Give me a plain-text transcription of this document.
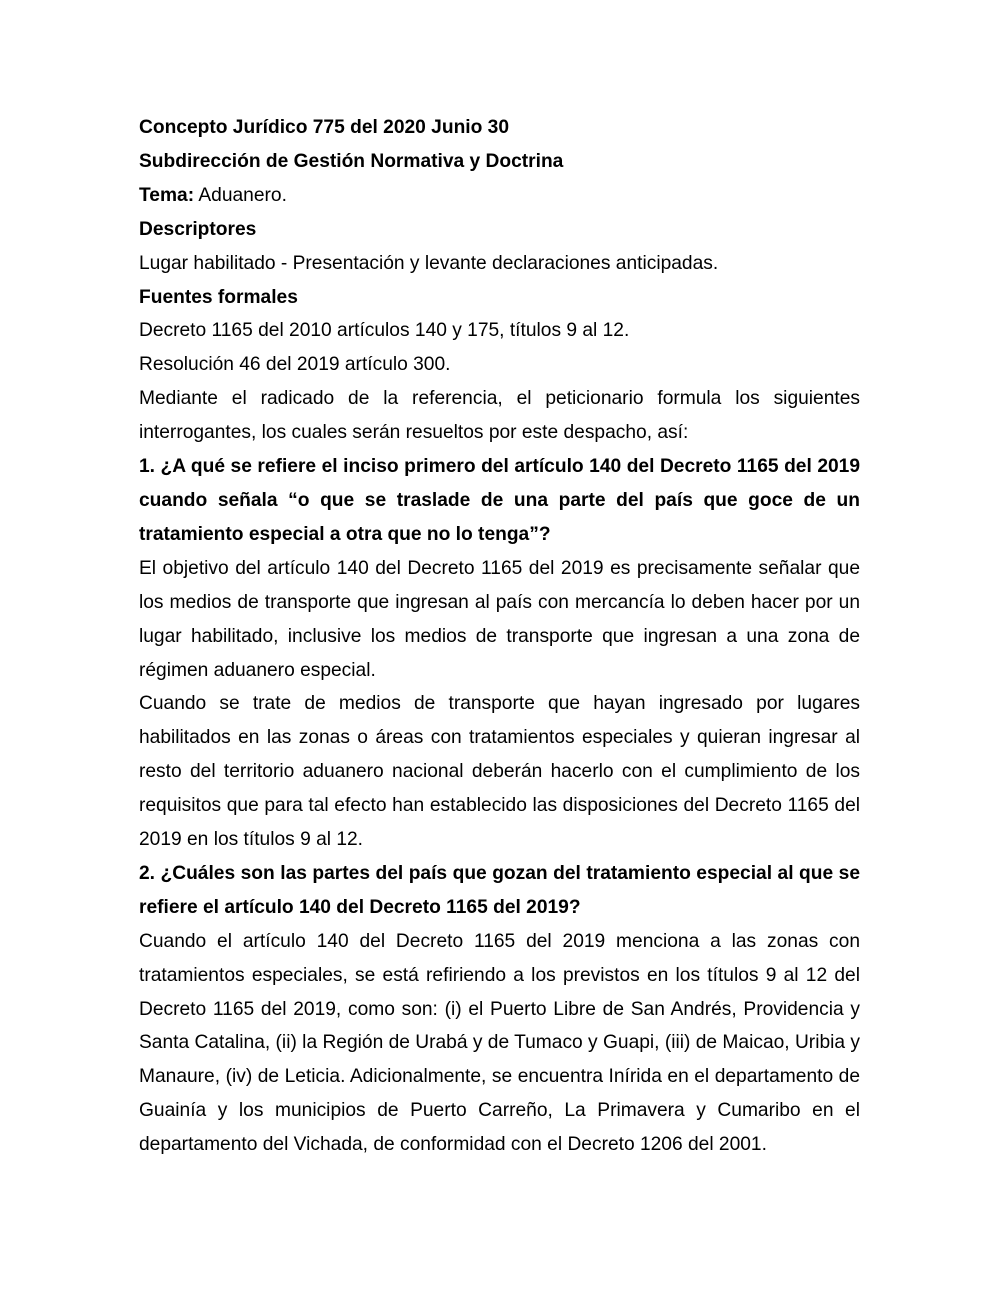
Concepto Jurídico 775 del 2020 Junio 30

Subdirección de Gestión Normativa y Doctrina

Tema: Aduanero.

Descriptores

Lugar habilitado - Presentación y levante declaraciones anticipadas.

Fuentes formales

Decreto 1165 del 2010 artículos 140 y 175, títulos 9 al 12.

Resolución 46 del 2019 artículo 300.

Mediante el radicado de la referencia, el peticionario formula los siguientes interrogantes, los cuales serán resueltos por este despacho, así:

1. ¿A qué se refiere el inciso primero del artículo 140 del Decreto 1165 del 2019 cuando señala “o que se traslade de una parte del país que goce de un tratamiento especial a otra que no lo tenga”?

El objetivo del artículo 140 del Decreto 1165 del 2019 es precisamente señalar que los medios de transporte que ingresan al país con mercancía lo deben hacer por un lugar habilitado, inclusive los medios de transporte que ingresan a una zona de régimen aduanero especial.

Cuando se trate de medios de transporte que hayan ingresado por lugares habilitados en las zonas o áreas con tratamientos especiales y quieran ingresar al resto del territorio aduanero nacional deberán hacerlo con el cumplimiento de los requisitos que para tal efecto han establecido las disposiciones del Decreto 1165 del 2019 en los títulos 9 al 12.

2. ¿Cuáles son las partes del país que gozan del tratamiento especial al que se refiere el artículo 140 del Decreto 1165 del 2019?

Cuando el artículo 140 del Decreto 1165 del 2019 menciona a las zonas con tratamientos especiales, se está refiriendo a los previstos en los títulos 9 al 12 del Decreto 1165 del 2019, como son: (i) el Puerto Libre de San Andrés, Providencia y Santa Catalina, (ii) la Región de Urabá y de Tumaco y Guapi, (iii) de Maicao, Uribia y Manaure, (iv) de Leticia. Adicionalmente, se encuentra Inírida en el departamento de Guainía y los municipios de Puerto Carreño, La Primavera y Cumaribo en el departamento del Vichada, de conformidad con el Decreto 1206 del 2001.
